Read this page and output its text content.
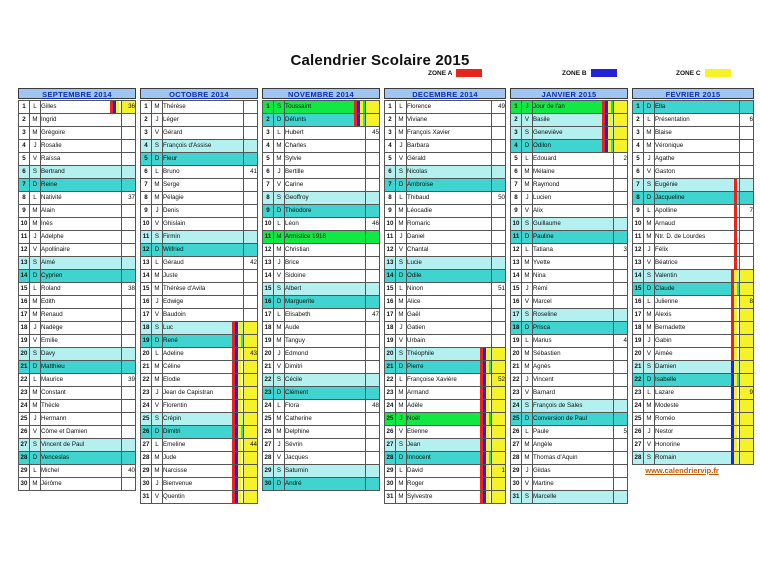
Calendrier Scolaire 2015
ZONE A	ZONE B	ZONE C
SEPTEMBRE 2014
1	L	Gilles	36
2	M	Ingrid	
3	M	Grégoire	
4	J	Rosalie	
5	V	Raïssa	
6	S	Bertrand	
7	D	Reine	
8	L	Nativité	37
9	M	Alain	
10	M	Inès	
11	J	Adelphe	
12	V	Apollinaire	
13	S	Aimé	
14	D	Cyprien	
15	L	Roland	38
16	M	Edith	
17	M	Renaud	
18	J	Nadège	
19	V	Emilie	
20	S	Davy	
21	D	Matthieu	
22	L	Maurice	39
23	M	Constant	
24	M	Thècle	
25	J	Hermann	
26	V	Côme et Damien	
27	S	Vincent de Paul	
28	D	Venceslas	
29	L	Michel	40
30	M	Jérôme	
OCTOBRE 2014
1	M	Thérèse	
2	J	Léger	
3	V	Gérard	
4	S	François d'Assise	
5	D	Fleur	
6	L	Bruno	41
7	M	Serge	
8	M	Pélagie	
9	J	Denis	
10	V	Ghislain	
11	S	Firmin	
12	D	Wilfried	
13	L	Géraud	42
14	M	Juste	
15	M	Thérèse d'Avila	
16	J	Edwige	
17	V	Baudoin	
18	S	Luc

19	D	René

20	L	Adeline	43
21	M	Céline

22	M	Elodie

23	J	Jean de Capistran

24	V	Florentin

25	S	Crépin

26	D	Dimitri

27	L	Emeline	44
28	M	Jude

29	M	Narcisse

30	J	Bienvenue

31	V	Quentin

NOVEMBRE 2014
1	S	Toussaint

2	D	Défunts

3	L	Hubert	45
4	M	Charles	
5	M	Sylvie	
6	J	Bertille	
7	V	Carine	
8	S	Geoffroy	
9	D	Théodore	
10	L	Léon	46
11	M	Armistice 1918	
12	M	Christian	
13	J	Brice	
14	V	Sidoine	
15	S	Albert	
16	D	Marguerite	
17	L	Elisabeth	47
18	M	Aude	
19	M	Tanguy	
20	J	Edmond	
21	V	Dimitri	
22	S	Cécile	
23	D	Clément	
24	L	Flora	48
25	M	Catherine	
26	M	Delphine	
27	J	Sévrin	
28	V	Jacques	
29	S	Saturnin	
30	D	André	
DECEMBRE 2014
1	L	Florence	49
2	M	Viviane	
3	M	François Xavier	
4	J	Barbara	
5	V	Gérald	
6	S	Nicolas	
7	D	Ambroise	
8	L	Thibaud	50
9	M	Léocadie	
10	M	Romaric	
11	J	Daniel	
12	V	Chantal	
13	S	Lucie	
14	D	Odile	
15	L	Ninon	51
16	M	Alice	
17	M	Gaël	
18	J	Gatien	
19	V	Urbain	
20	S	Théophile

21	D	Pierre

22	L	Françoise Xavière	52
23	M	Armand

24	M	Adèle

25	J	Noël

26	V	Etienne

27	S	Jean

28	D	Innocent

29	L	David	1
30	M	Roger

31	M	Sylvestre

JANVIER 2015
1	J	Jour de l'an

2	V	Basile

3	S	Geneviève

4	D	Odilon

5	L	Edouard	2
6	M	Mélaine	
7	M	Raymond	
8	J	Lucien	
9	V	Alix	
10	S	Guillaume	
11	D	Pauline	
12	L	Tatiana	3
13	M	Yvette	
14	M	Nina	
15	J	Rémi	
16	V	Marcel	
17	S	Roseline	
18	D	Prisca	
19	L	Marius	4
20	M	Sébastien	
21	M	Agnès	
22	J	Vincent	
23	V	Barnard	
24	S	François de Sales	
25	D	Conversion de Paul	
26	L	Paule	5
27	M	Angèle	
28	M	Thomas d'Aquin	
29	J	Gildas	
30	V	Martine	
31	S	Marcelle	
FEVRIER 2015
1	D	Ella	
2	L	Présentation	6
3	M	Blaise	
4	M	Véronique	
5	J	Agathe	
6	V	Gaston	
7	S	Eugénie

8	D	Jacqueline

9	L	Apolline	7
10	M	Arnaud

11	M	Ntr. D. de Lourdes

12	J	Félix

13	V	Béatrice

14	S	Valentin

15	D	Claude

16	L	Julienne	8
17	M	Alexis

18	M	Bernadette

19	J	Gabin

20	V	Aimée

21	S	Damien

22	D	Isabelle

23	L	Lazare	9
24	M	Modeste

25	M	Roméo

26	J	Nestor

27	V	Honorine

28	S	Romain

www.calendriervip.fr
